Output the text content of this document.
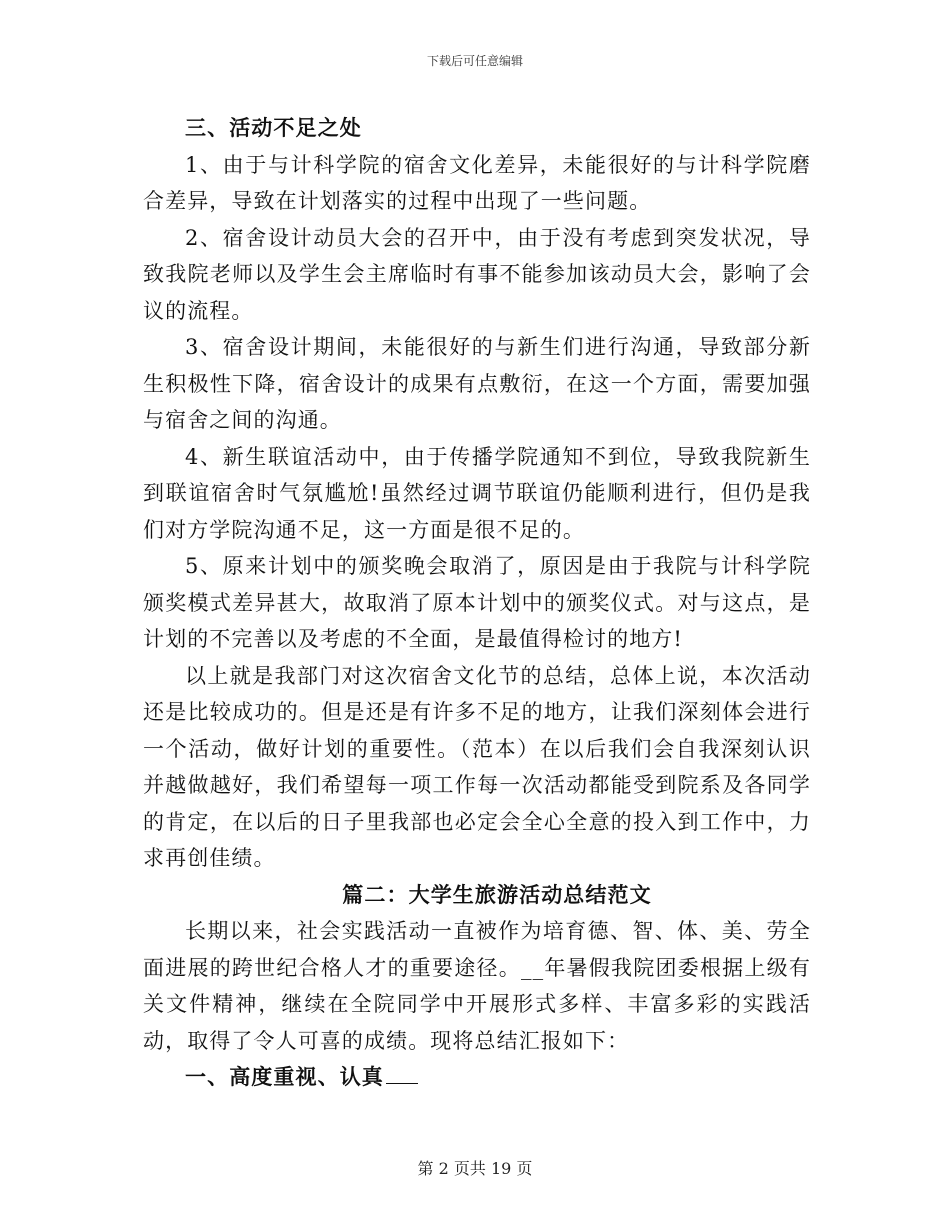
下载后可任意编辑

三、活动不足之处

1、由于与计科学院的宿舍文化差异，未能很好的与计科学院磨合差异，导致在计划落实的过程中出现了一些问题。

2、宿舍设计动员大会的召开中，由于没有考虑到突发状况，导致我院老师以及学生会主席临时有事不能参加该动员大会，影响了会议的流程。

3、宿舍设计期间，未能很好的与新生们进行沟通，导致部分新生积极性下降，宿舍设计的成果有点敷衍，在这一个方面，需要加强与宿舍之间的沟通。

4、新生联谊活动中，由于传播学院通知不到位，导致我院新生到联谊宿舍时气氛尴尬!虽然经过调节联谊仍能顺利进行，但仍是我们对方学院沟通不足，这一方面是很不足的。

5、原来计划中的颁奖晚会取消了，原因是由于我院与计科学院颁奖模式差异甚大，故取消了原本计划中的颁奖仪式。对与这点，是计划的不完善以及考虑的不全面，是最值得检讨的地方!

以上就是我部门对这次宿舍文化节的总结，总体上说，本次活动还是比较成功的。但是还是有许多不足的地方，让我们深刻体会进行一个活动，做好计划的重要性。（范本）在以后我们会自我深刻认识并越做越好，我们希望每一项工作每一次活动都能受到院系及各同学的肯定，在以后的日子里我部也必定会全心全意的投入到工作中，力求再创佳绩。

篇二：大学生旅游活动总结范文

长期以来，社会实践活动一直被作为培育德、智、体、美、劳全面进展的跨世纪合格人才的重要途径。__年暑假我院团委根据上级有关文件精神，继续在全院同学中开展形式多样、丰富多彩的实践活动，取得了令人可喜的成绩。现将总结汇报如下：

一、高度重视、认真

第 2 页共 19 页
